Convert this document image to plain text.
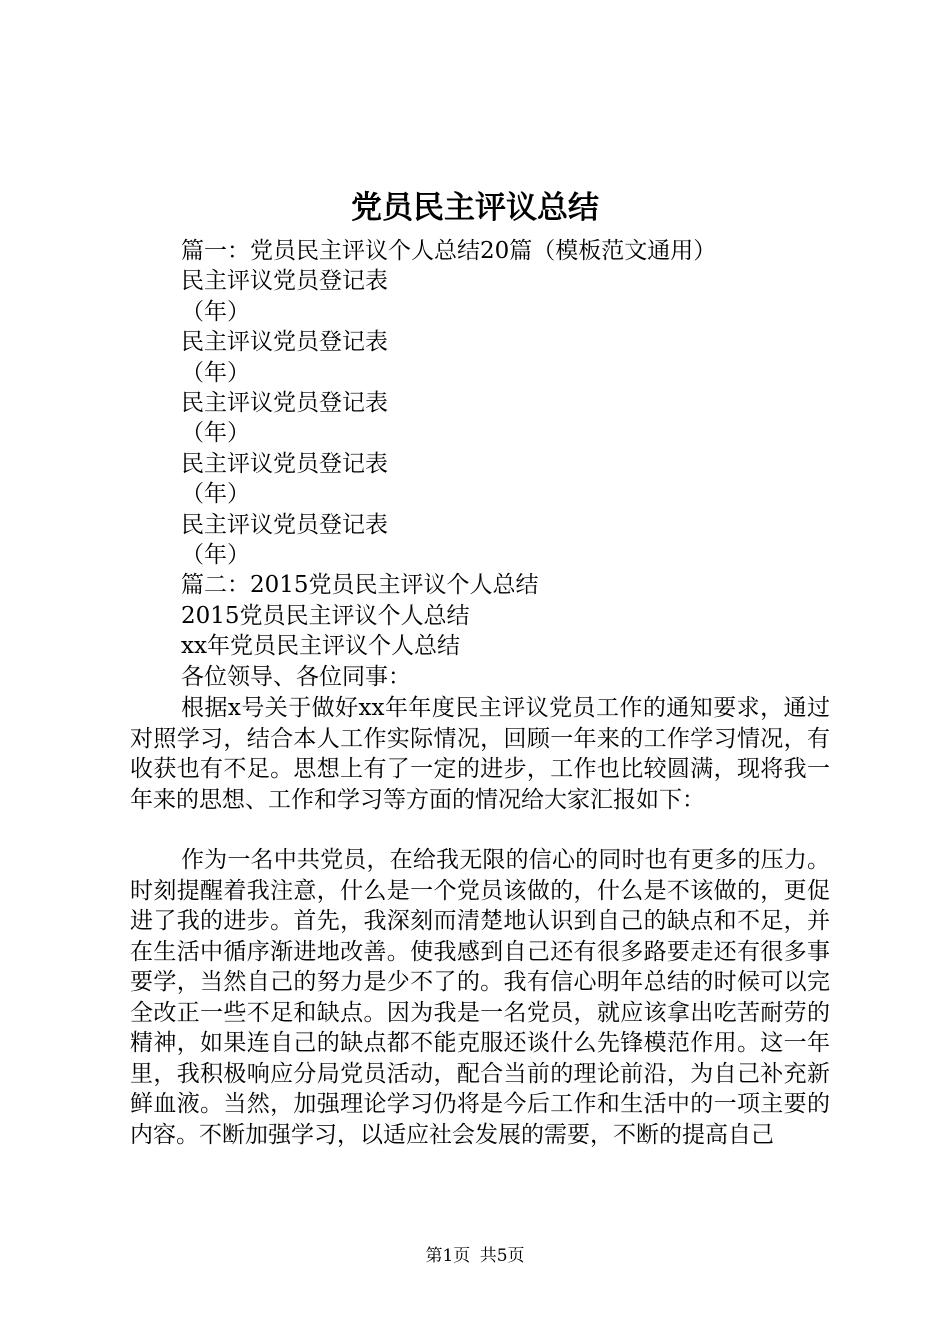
党员民主评议总结
篇一：党员民主评议个人总结20篇（模板范文通用）
民主评议党员登记表
（年）
民主评议党员登记表
（年）
民主评议党员登记表
（年）
民主评议党员登记表
（年）
民主评议党员登记表
（年）
篇二：2015党员民主评议个人总结
2015党员民主评议个人总结
xx年党员民主评议个人总结
各位领导、各位同事：

根据x号关于做好xx年年度民主评议党员工作的通知要求，通过对照学习，结合本人工作实际情况，回顾一年来的工作学习情况，有收获也有不足。思想上有了一定的进步，工作也比较圆满，现将我一年来的思想、工作和学习等方面的情况给大家汇报如下：

作为一名中共党员，在给我无限的信心的同时也有更多的压力。时刻提醒着我注意，什么是一个党员该做的，什么是不该做的，更促进了我的进步。首先，我深刻而清楚地认识到自己的缺点和不足，并在生活中循序渐进地改善。使我感到自己还有很多路要走还有很多事要学，当然自己的努力是少不了的。我有信心明年总结的时候可以完全改正一些不足和缺点。因为我是一名党员，就应该拿出吃苦耐劳的精神，如果连自己的缺点都不能克服还谈什么先锋模范作用。这一年里，我积极响应分局党员活动，配合当前的理论前沿，为自己补充新鲜血液。当然，加强理论学习仍将是今后工作和生活中的一项主要的内容。不断加强学习，以适应社会发展的需要，不断的提高自己

第1页 共5页
